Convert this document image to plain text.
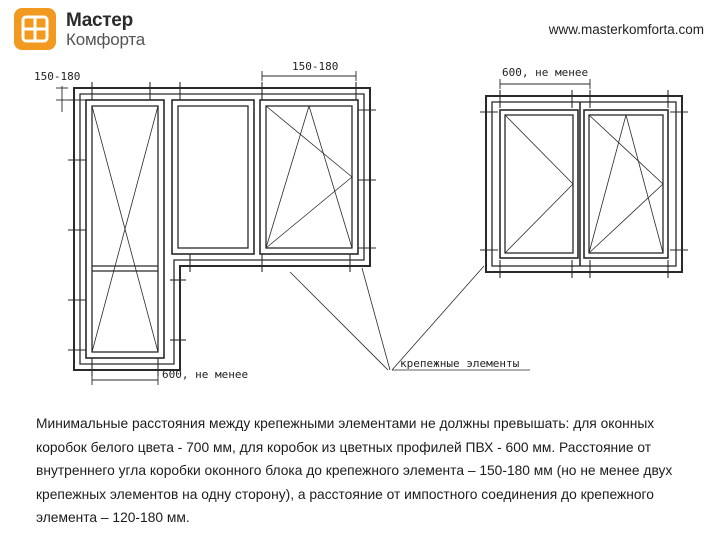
Мастер
Комфорта
www.masterkomforta.com
150-180
150-180	600, не менее
600, не менее
крепежные элементы
Минимальные расстояния между крепежными элементами не должны превышать: для оконных коробок белого цвета - 700 мм, для коробок из цветных профилей ПВХ - 600 мм. Расстояние от внутреннего угла коробки оконного блока до крепежного элемента – 150-180 мм (но не менее двух крепежных элементов на одну сторону), а расстояние от импостного соединения до крепежного элемента – 120-180 мм.
